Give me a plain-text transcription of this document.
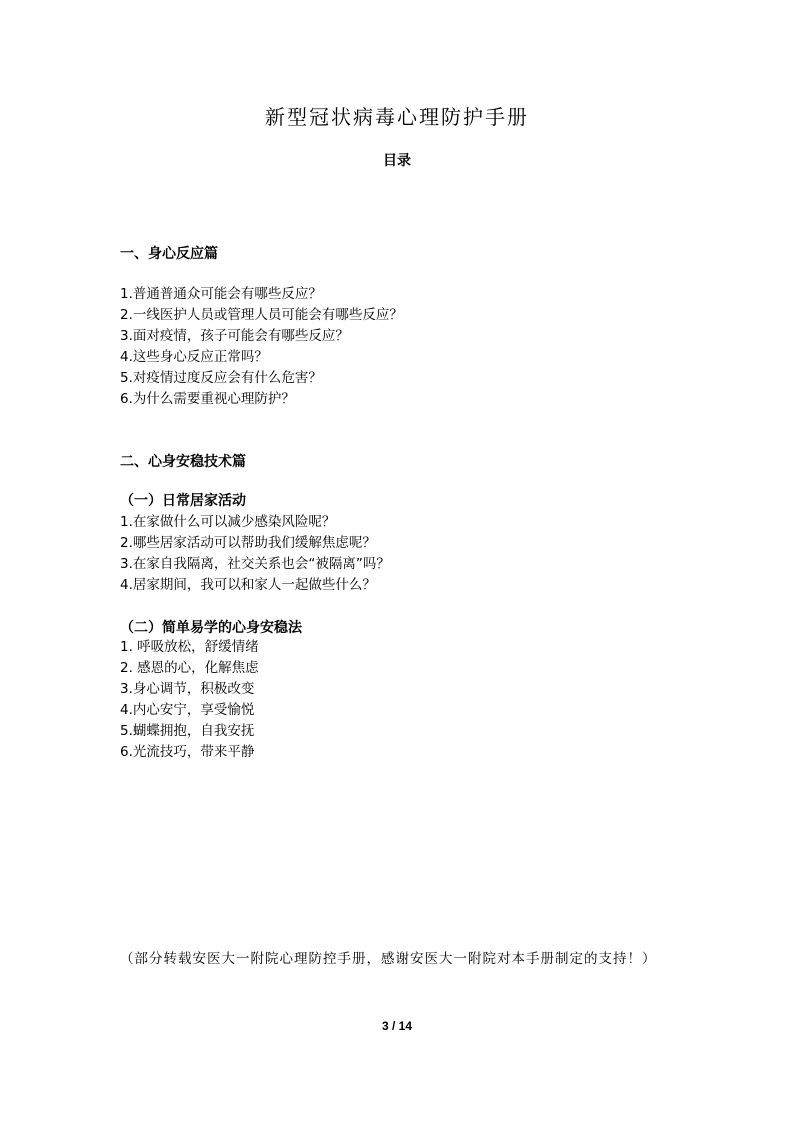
新型冠状病毒心理防护手册
目录
一、身心反应篇
1.普通普通众可能会有哪些反应？
2.一线医护人员或管理人员可能会有哪些反应？
3.面对疫情，孩子可能会有哪些反应？
4.这些身心反应正常吗？
5.对疫情过度反应会有什么危害？
6.为什么需要重视心理防护？
二、心身安稳技术篇
（一）日常居家活动
1.在家做什么可以减少感染风险呢？
2.哪些居家活动可以帮助我们缓解焦虑呢？
3.在家自我隔离，社交关系也会“被隔离”吗？
4.居家期间，我可以和家人一起做些什么？
（二）简单易学的心身安稳法
1. 呼吸放松，舒缓情绪
2. 感恩的心，化解焦虑
3.身心调节，积极改变
4.内心安宁，享受愉悦
5.蝴蝶拥抱，自我安抚
6.光流技巧，带来平静

（部分转载安医大一附院心理防控手册，感谢安医大一附院对本手册制定的支持！）

3 / 14
